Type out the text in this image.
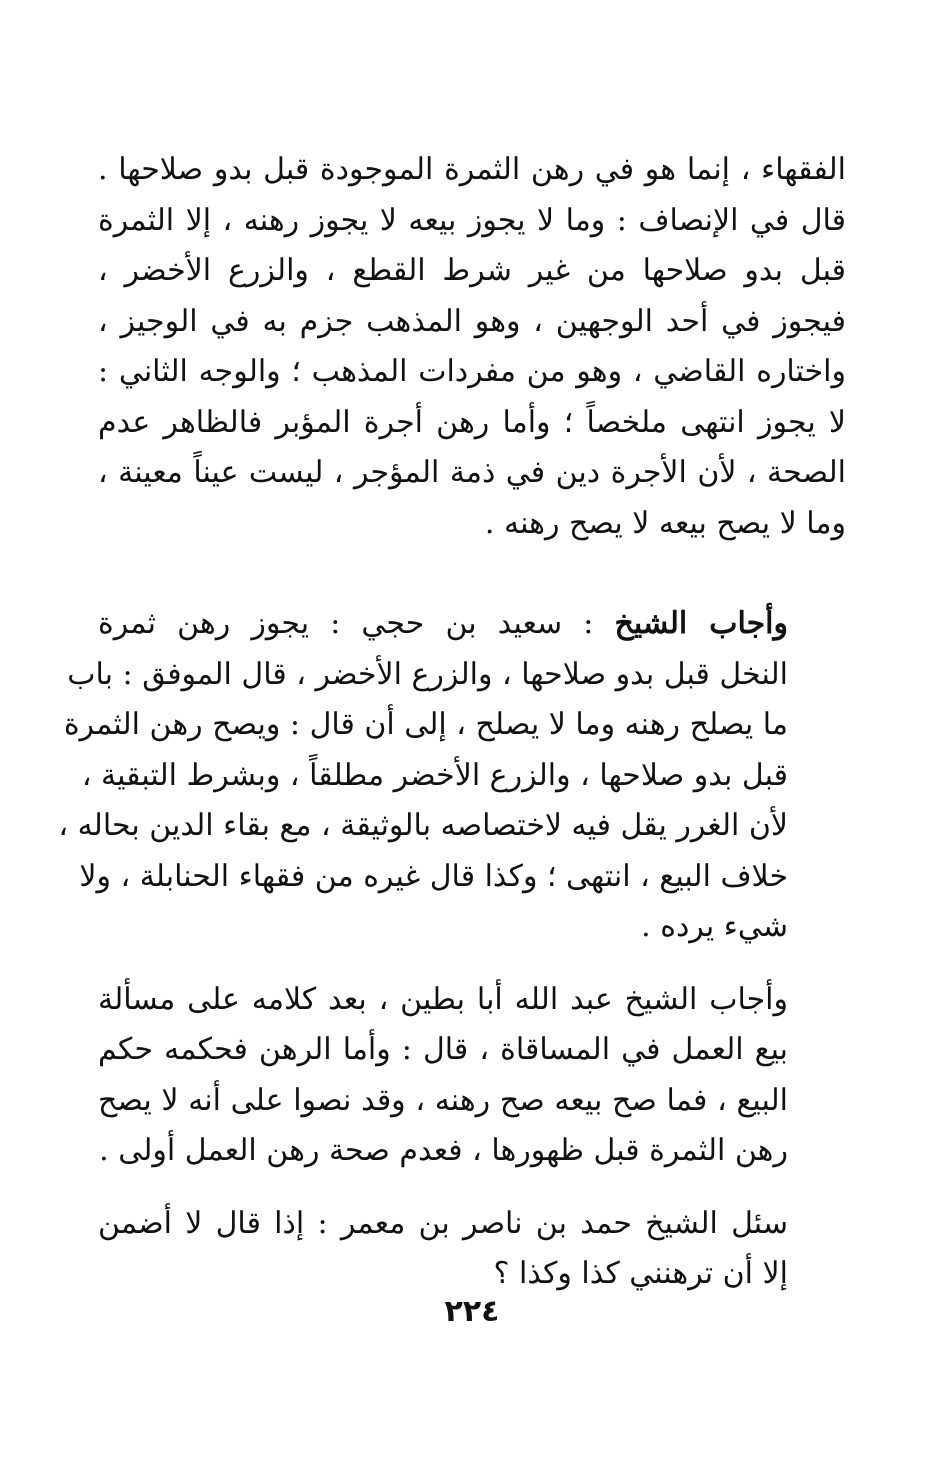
الفقهاء ، إنما هو في رهن الثمرة الموجودة قبل بدو صلاحها .
قال في الإنصاف : وما لا يجوز بيعه لا يجوز رهنه ، إلا الثمرة
قبل بدو صلاحها من غير شرط القطع ، والزرع الأخضر ،
فيجوز في أحد الوجهين ، وهو المذهب جزم به في الوجيز ،
واختاره القاضي ، وهو من مفردات المذهب ؛ والوجه الثاني :
لا يجوز انتهى ملخصاً ؛ وأما رهن أجرة المؤبر فالظاهر عدم
الصحة ، لأن الأجرة دين في ذمة المؤجر ، ليست عيناً معينة ،
وما لا يصح بيعه لا يصح رهنه .

وأجاب الشيخ : سعيد بن حجي : يجوز رهن ثمرة
النخل قبل بدو صلاحها ، والزرع الأخضر ، قال الموفق : باب
ما يصلح رهنه وما لا يصلح ، إلى أن قال : ويصح رهن الثمرة
قبل بدو صلاحها ، والزرع الأخضر مطلقاً ، وبشرط التبقية ،
لأن الغرر يقل فيه لاختصاصه بالوثيقة ، مع بقاء الدين بحاله ،
خلاف البيع ، انتهى ؛ وكذا قال غيره من فقهاء الحنابلة ، ولا
شيء يرده .

وأجاب الشيخ عبد الله أبا بطين ، بعد كلامه على مسألة
بيع العمل في المساقاة ، قال : وأما الرهن فحكمه حكم
البيع ، فما صح بيعه صح رهنه ، وقد نصوا على أنه لا يصح
رهن الثمرة قبل ظهورها ، فعدم صحة رهن العمل أولى .

سئل الشيخ حمد بن ناصر بن معمر : إذا قال لا أضمن
إلا أن ترهنني كذا وكذا ؟

٢٢٤
